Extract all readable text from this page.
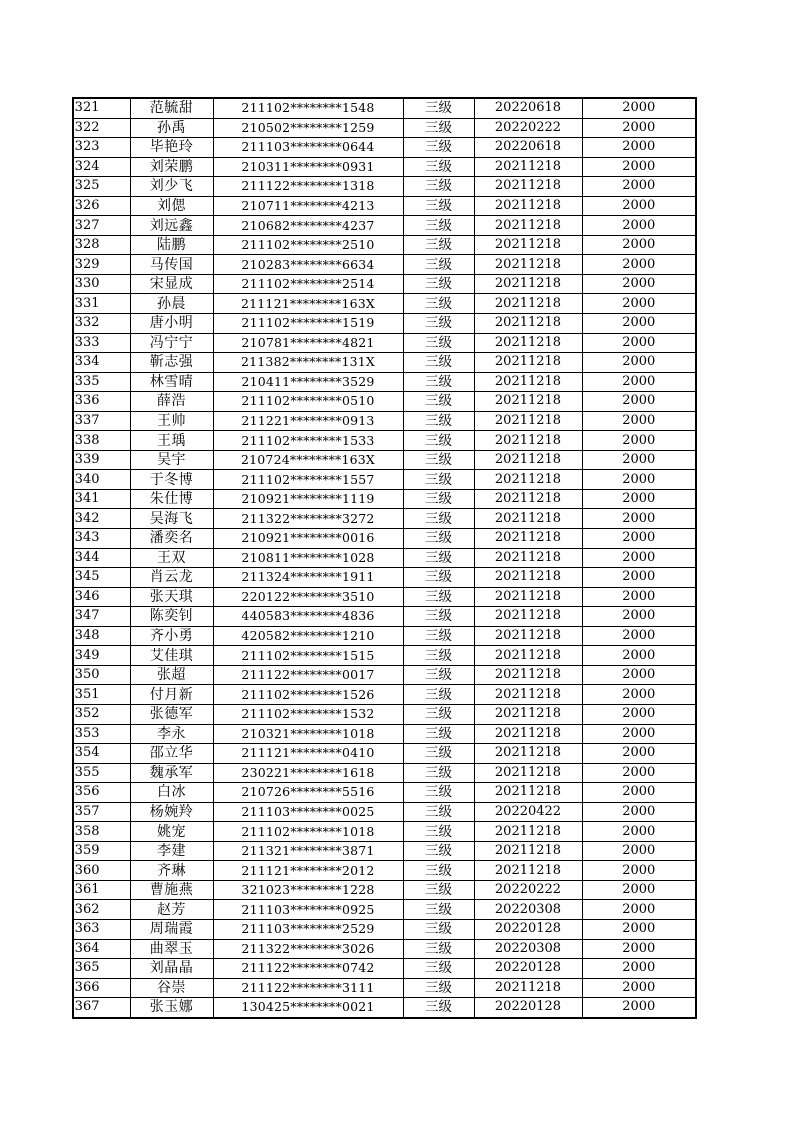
321	范毓甜	211102********1548	三级	20220618	2000
322	孙禹	210502********1259	三级	20220222	2000
323	毕艳玲	211103********0644	三级	20220618	2000
324	刘荣鹏	210311********0931	三级	20211218	2000
325	刘少飞	211122********1318	三级	20211218	2000
326	刘偲	210711********4213	三级	20211218	2000
327	刘远鑫	210682********4237	三级	20211218	2000
328	陆鹏	211102********2510	三级	20211218	2000
329	马传国	210283********6634	三级	20211218	2000
330	宋显成	211102********2514	三级	20211218	2000
331	孙晨	211121********163X	三级	20211218	2000
332	唐小明	211102********1519	三级	20211218	2000
333	冯宁宁	210781********4821	三级	20211218	2000
334	靳志强	211382********131X	三级	20211218	2000
335	林雪晴	210411********3529	三级	20211218	2000
336	薛浩	211102********0510	三级	20211218	2000
337	王帅	211221********0913	三级	20211218	2000
338	王瑀	211102********1533	三级	20211218	2000
339	吴宇	210724********163X	三级	20211218	2000
340	于冬博	211102********1557	三级	20211218	2000
341	朱仕博	210921********1119	三级	20211218	2000
342	吴海飞	211322********3272	三级	20211218	2000
343	潘奕名	210921********0016	三级	20211218	2000
344	王双	210811********1028	三级	20211218	2000
345	肖云龙	211324********1911	三级	20211218	2000
346	张天琪	220122********3510	三级	20211218	2000
347	陈奕钊	440583********4836	三级	20211218	2000
348	齐小勇	420582********1210	三级	20211218	2000
349	艾佳琪	211102********1515	三级	20211218	2000
350	张超	211122********0017	三级	20211218	2000
351	付月新	211102********1526	三级	20211218	2000
352	张德军	211102********1532	三级	20211218	2000
353	李永	210321********1018	三级	20211218	2000
354	邵立华	211121********0410	三级	20211218	2000
355	魏承军	230221********1618	三级	20211218	2000
356	白冰	210726********5516	三级	20211218	2000
357	杨婉羚	211103********0025	三级	20220422	2000
358	姚宠	211102********1018	三级	20211218	2000
359	李建	211321********3871	三级	20211218	2000
360	齐琳	211121********2012	三级	20211218	2000
361	曹施燕	321023********1228	三级	20220222	2000
362	赵芳	211103********0925	三级	20220308	2000
363	周瑞霞	211103********2529	三级	20220128	2000
364	曲翠玉	211322********3026	三级	20220308	2000
365	刘晶晶	211122********0742	三级	20220128	2000
366	谷崇	211122********3111	三级	20211218	2000
367	张玉娜	130425********0021	三级	20220128	2000
